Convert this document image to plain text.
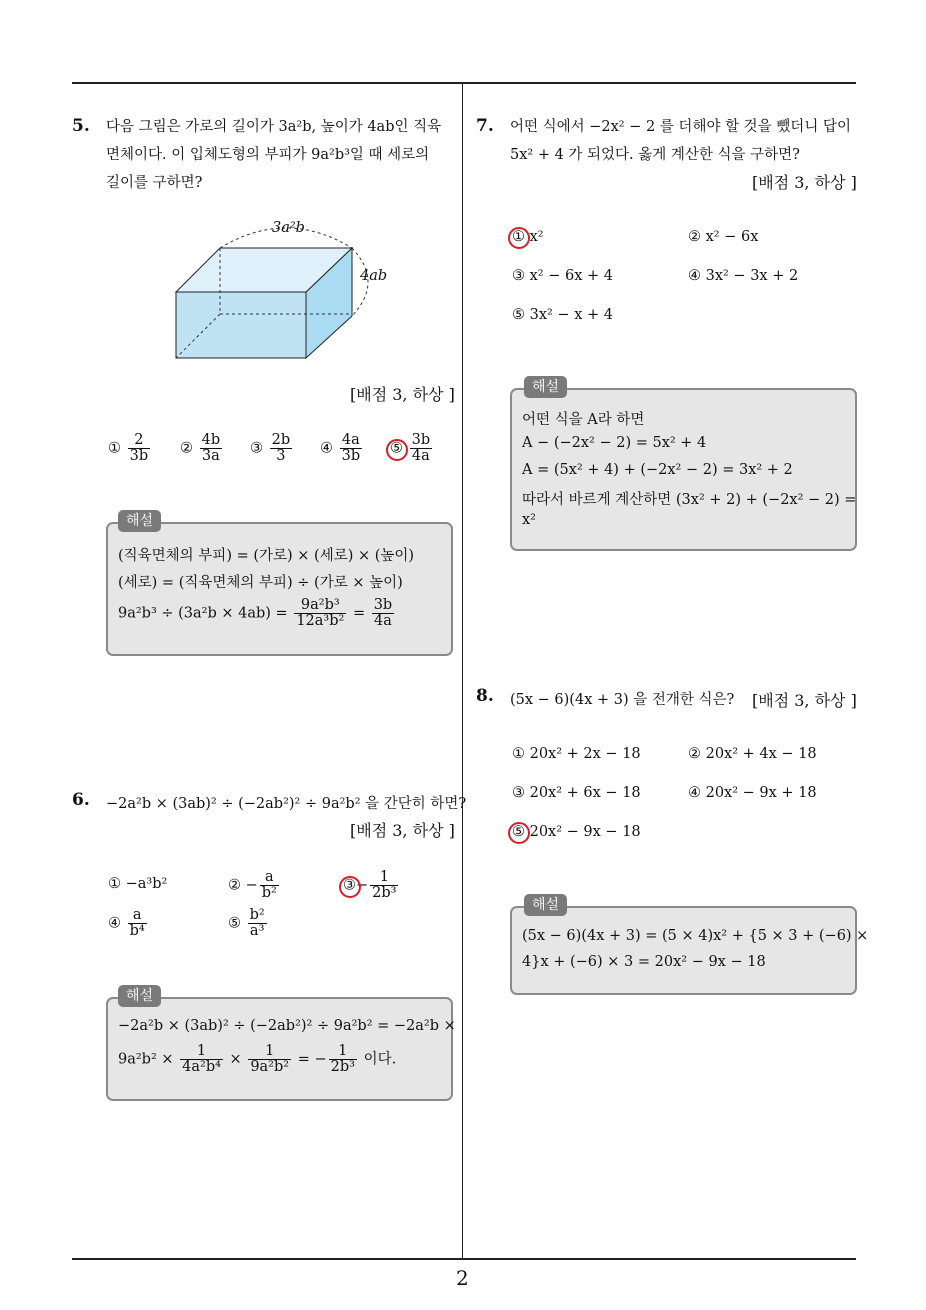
2
5. 다음 그림은 가로의 길이가 3a²b, 높이가 4ab인 직육
면체이다. 이 입체도형의 부피가 9a²b³일 때 세로의
길이를 구하면?
3a²b
4ab
[배점 3, 하상 ]
① $\frac{2}{3b}$ ② $\frac{4b}{3a}$ ③ $\frac{2b}{3}$ ④ $\frac{4a}{3b}$ ⑤ $\frac{3b}{4a}$
해설
(직육면체의 부피) = (가로) × (세로) × (높이)
(세로) = (직육면체의 부피) ÷ (가로 × 높이)
$9a^2b^3 \div (3a^2b \times 4ab) = \frac{\text{9a²b³}}{\text{12a³b²}} = \frac{3b}{4a}$
6. −2a²b × (3ab)² ÷ (−2ab²)² ÷ 9a²b² 을 간단히 하면?
[배점 3, 하상 ]
① −a³b²	② − $\frac{a}{\text{b²}}$	③− $\frac{1}{\text{2b³}}$
④ $\frac{a}{\text{b⁴}}$	⑤ $\frac{\text{b²}}{\text{a³}}$
해설
−2a²b × (3ab)² ÷ (−2ab²)² ÷ 9a²b² = −2a²b ×
$9a^2b^2 \times \frac{1}{\text{4a²b⁴}} \times \frac{1}{\text{9a²b²}}$ = − $\frac{1}{\text{2b³}}$ 이다.
7. 어떤 식에서 −2x² − 2 를 더해야 할 것을 뺐더니 답이
5x² + 4 가 되었다. 옳게 계산한 식을 구하면?
[배점 3, 하상 ]
① x²	② x² − 6x
③ x² − 6x + 4	④ 3x² − 3x + 2
⑤ 3x² − x + 4
해설
어떤 식을 A라 하면
A − (−2x² − 2) = 5x² + 4
A = (5x² + 4) + (−2x² − 2) = 3x² + 2
따라서 바르게 계산하면 (3x² + 2) + (−2x² − 2) =
x²
8. (5x − 6)(4x + 3) 을 전개한 식은? [배점 3, 하상 ]
① 20x² + 2x − 18	② 20x² + 4x − 18
③ 20x² + 6x − 18	④ 20x² − 9x + 18
⑤ 20x² − 9x − 18
해설
(5x − 6)(4x + 3) = (5 × 4)x² + {5 × 3 + (−6) ×
4}x + (−6) × 3 = 20x² − 9x − 18
